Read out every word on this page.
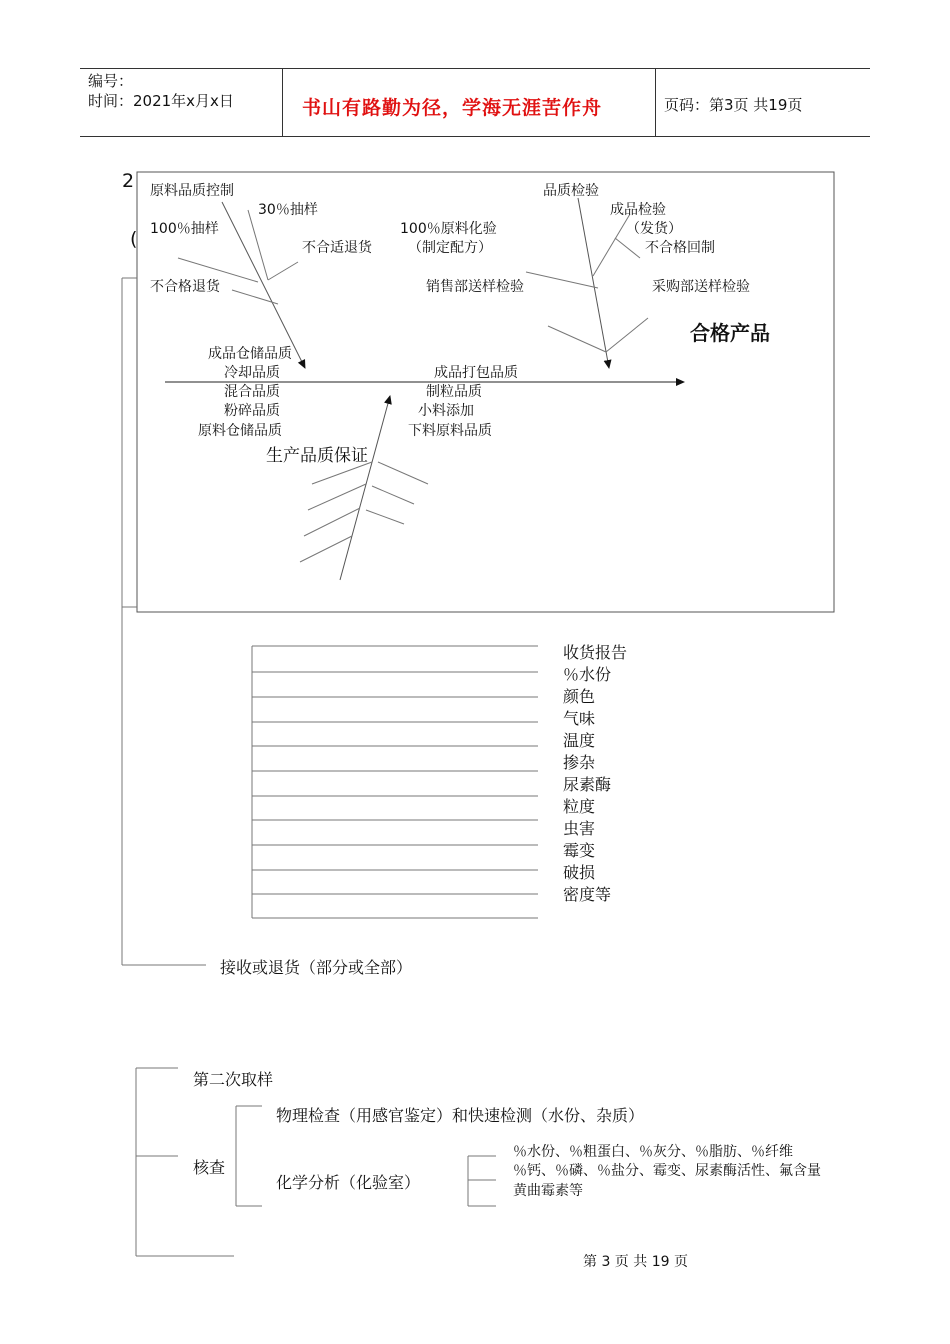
编号：
时间：2021年x月x日	书山有路勤为径，学海无涯苦作舟	页码：第3页 共19页
2
(
原料品质控制
100％抽样
30％抽样
不合适退货
不合格退货
品质检验
成品检验
（发货）
不合格回制
100％原料化验
（制定配方）
销售部送样检验	采购部送样检验
合格产品
成品仓储品质
冷却品质
混合品质
粉碎品质
原料仓储品质
成品打包品质
制粒品质
小料添加
下料原料品质
生产品质保证
收货报告
％水份
颜色
气味
温度
掺杂
尿素酶
粒度
虫害
霉变
破损
密度等
接收或退货（部分或全部）
第二次取样
核查
物理检查（用感官鉴定）和快速检测（水份、杂质）
化学分析（化验室）
％水份、％粗蛋白、％灰分、％脂肪、％纤维
％钙、％磷、％盐分、霉变、尿素酶活性、氟含量
黄曲霉素等
第 3 页 共 19 页
